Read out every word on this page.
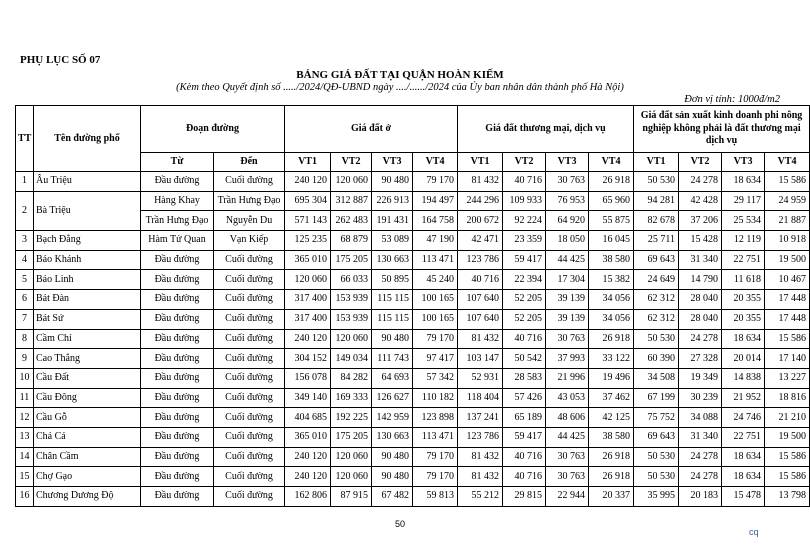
PHỤ LỤC SỐ 07
BẢNG GIÁ ĐẤT TẠI QUẬN HOÀN KIẾM
(Kèm theo Quyết định số ...../2024/QĐ-UBND ngày ..../....../2024 của Ủy ban nhân dân thành phố Hà Nội)
Đơn vị tính: 1000đ/m2
TT	Tên đường phố	Đoạn đường		Giá đất ở				Giá đất thương mại, dịch vụ				Giá đất sản xuất kinh doanh phi nông nghiệp không phải là đất thương mại dịch vụ			
		Từ	Đến	VT1	VT2	VT3	VT4	VT1	VT2	VT3	VT4	VT1	VT2	VT3	VT4
1	Âu Triệu	Đầu đường	Cuối đường	240 120	120 060	90 480	79 170	81 432	40 716	30 763	26 918	50 530	24 278	18 634	15 586
2	Bà Triệu	Hàng Khay	Trần Hưng Đạo	695 304	312 887	226 913	194 497	244 296	109 933	76 953	65 960	94 281	42 428	29 117	24 959
		Trần Hưng Đạo	Nguyễn Du	571 143	262 483	191 431	164 758	200 672	92 224	64 920	55 875	82 678	37 206	25 534	21 887
3	Bạch Đằng	Hàm Tử Quan	Vạn Kiếp	125 235	68 879	53 089	47 190	42 471	23 359	18 050	16 045	25 711	15 428	12 119	10 918
4	Bảo Khánh	Đầu đường	Cuối đường	365 010	175 205	130 663	113 471	123 786	59 417	44 425	38 580	69 643	31 340	22 751	19 500
5	Bảo Linh	Đầu đường	Cuối đường	120 060	66 033	50 895	45 240	40 716	22 394	17 304	15 382	24 649	14 790	11 618	10 467
6	Bát Đàn	Đầu đường	Cuối đường	317 400	153 939	115 115	100 165	107 640	52 205	39 139	34 056	62 312	28 040	20 355	17 448
7	Bát Sứ	Đầu đường	Cuối đường	317 400	153 939	115 115	100 165	107 640	52 205	39 139	34 056	62 312	28 040	20 355	17 448
8	Cầm Chỉ	Đầu đường	Cuối đường	240 120	120 060	90 480	79 170	81 432	40 716	30 763	26 918	50 530	24 278	18 634	15 586
9	Cao Thắng	Đầu đường	Cuối đường	304 152	149 034	111 743	97 417	103 147	50 542	37 993	33 122	60 390	27 328	20 014	17 140
10	Cầu Đất	Đầu đường	Cuối đường	156 078	84 282	64 693	57 342	52 931	28 583	21 996	19 496	34 508	19 349	14 838	13 227
11	Cầu Đông	Đầu đường	Cuối đường	349 140	169 333	126 627	110 182	118 404	57 426	43 053	37 462	67 199	30 239	21 952	18 816
12	Cầu Gỗ	Đầu đường	Cuối đường	404 685	192 225	142 959	123 898	137 241	65 189	48 606	42 125	75 752	34 088	24 746	21 210
13	Chả Cá	Đầu đường	Cuối đường	365 010	175 205	130 663	113 471	123 786	59 417	44 425	38 580	69 643	31 340	22 751	19 500
14	Chân Cầm	Đầu đường	Cuối đường	240 120	120 060	90 480	79 170	81 432	40 716	30 763	26 918	50 530	24 278	18 634	15 586
15	Chợ Gạo	Đầu đường	Cuối đường	240 120	120 060	90 480	79 170	81 432	40 716	30 763	26 918	50 530	24 278	18 634	15 586
16	Chương Dương Độ	Đầu đường	Cuối đường	162 806	87 915	67 482	59 813	55 212	29 815	22 944	20 337	35 995	20 183	15 478	13 798
50
cq
